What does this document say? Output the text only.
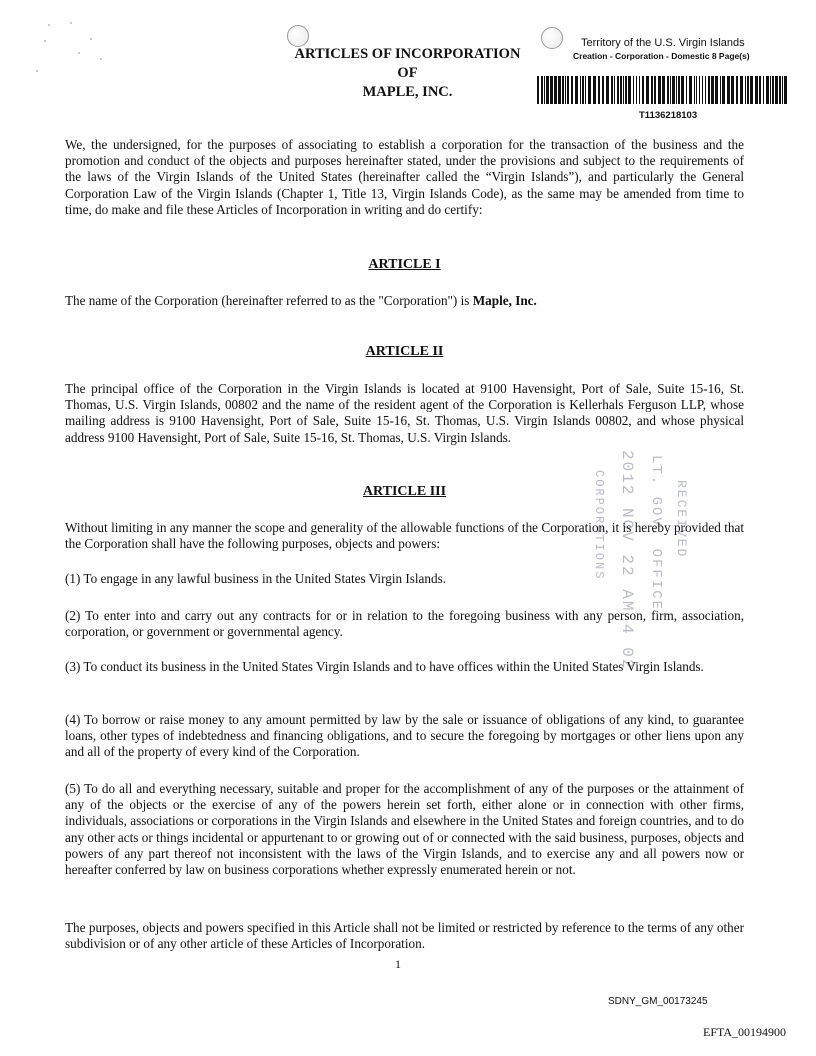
ARTICLES OF INCORPORATION
OF
MAPLE, INC.
Territory of the U.S. Virgin Islands
Creation - Corporation - Domestic 8 Page(s)
T1136218103

We, the undersigned, for the purposes of associating to establish a corporation for the transaction of the business and the promotion and conduct of the objects and purposes hereinafter stated, under the provisions and subject to the requirements of the laws of the Virgin Islands of the United States (hereinafter called the “Virgin Islands”), and particularly the General Corporation Law of the Virgin Islands (Chapter 1, Title 13, Virgin Islands Code), as the same may be amended from time to time, do make and file these Articles of Incorporation in writing and do certify:

ARTICLE I

The name of the Corporation (hereinafter referred to as the "Corporation") is Maple, Inc.

ARTICLE II

The principal office of the Corporation in the Virgin Islands is located at 9100 Havensight, Port of Sale, Suite 15-16, St. Thomas, U.S. Virgin Islands, 00802 and the name of the resident agent of the Corporation is Kellerhals Ferguson LLP, whose mailing address is 9100 Havensight, Port of Sale, Suite 15-16, St. Thomas, U.S. Virgin Islands 00802, and whose physical address 9100 Havensight, Port of Sale, Suite 15-16, St. Thomas, U.S. Virgin Islands.

CORPORATIONS 2012 NOV 22 AM 4 02 LT. GOV. OFFICE RECEIVED
ARTICLE III

Without limiting in any manner the scope and generality of the allowable functions of the Corporation, it is hereby provided that the Corporation shall have the following purposes, objects and powers:

(1) To engage in any lawful business in the United States Virgin Islands.

(2) To enter into and carry out any contracts for or in relation to the foregoing business with any person, firm, association, corporation, or government or governmental agency.

(3) To conduct its business in the United States Virgin Islands and to have offices within the United States Virgin Islands.

(4) To borrow or raise money to any amount permitted by law by the sale or issuance of obligations of any kind, to guarantee loans, other types of indebtedness and financing obligations, and to secure the foregoing by mortgages or other liens upon any and all of the property of every kind of the Corporation.

(5) To do all and everything necessary, suitable and proper for the accomplishment of any of the purposes or the attainment of any of the objects or the exercise of any of the powers herein set forth, either alone or in connection with other firms, individuals, associations or corporations in the Virgin Islands and elsewhere in the United States and foreign countries, and to do any other acts or things incidental or appurtenant to or growing out of or connected with the said business, purposes, objects and powers of any part thereof not inconsistent with the laws of the Virgin Islands, and to exercise any and all powers now or hereafter conferred by law on business corporations whether expressly enumerated herein or not.

The purposes, objects and powers specified in this Article shall not be limited or restricted by reference to the terms of any other subdivision or of any other article of these Articles of Incorporation.

1
SDNY_GM_00173245
EFTA_00194900
